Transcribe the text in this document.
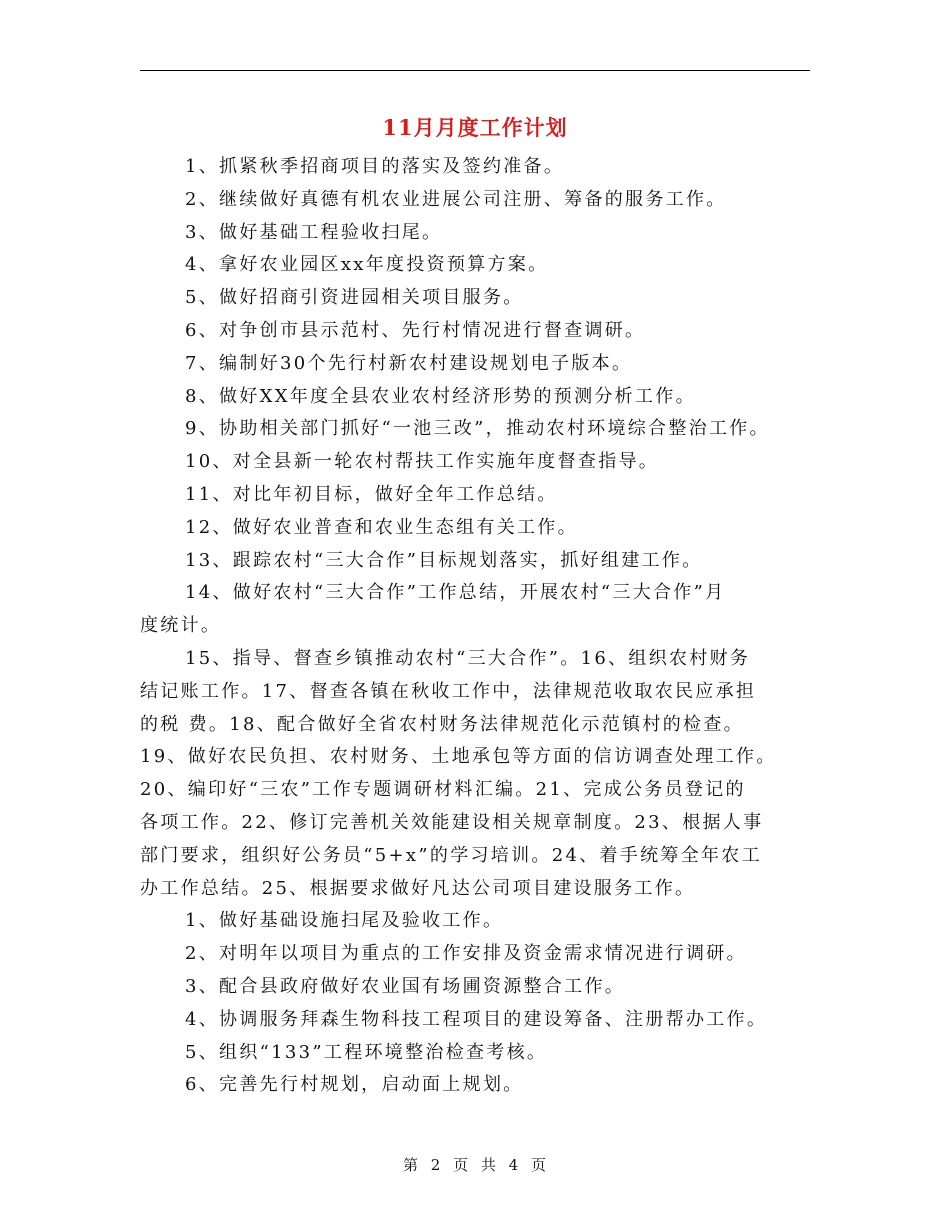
11月月度工作计划
1、抓紧秋季招商项目的落实及签约准备。
2、继续做好真德有机农业进展公司注册、筹备的服务工作。
3、做好基础工程验收扫尾。
4、拿好农业园区xx年度投资预算方案。
5、做好招商引资进园相关项目服务。
6、对争创市县示范村、先行村情况进行督查调研。
7、编制好30个先行村新农村建设规划电子版本。
8、做好XX年度全县农业农村经济形势的预测分析工作。
9、协助相关部门抓好“一池三改”，推动农村环境综合整治工作。
10、对全县新一轮农村帮扶工作实施年度督查指导。
11、对比年初目标，做好全年工作总结。
12、做好农业普查和农业生态组有关工作。
13、跟踪农村“三大合作”目标规划落实，抓好组建工作。
14、做好农村“三大合作”工作总结，开展农村“三大合作”月
度统计。
15、指导、督查乡镇推动农村“三大合作”。16、组织农村财务
结记账工作。17、督查各镇在秋收工作中，法律规范收取农民应承担
的税 费。18、配合做好全省农村财务法律规范化示范镇村的检查。
19、做好农民负担、农村财务、土地承包等方面的信访调查处理工作。
20、编印好“三农”工作专题调研材料汇编。21、完成公务员登记的
各项工作。22、修订完善机关效能建设相关规章制度。23、根据人事
部门要求，组织好公务员“5+x”的学习培训。24、着手统筹全年农工
办工作总结。25、根据要求做好凡达公司项目建设服务工作。
1、做好基础设施扫尾及验收工作。
2、对明年以项目为重点的工作安排及资金需求情况进行调研。
3、配合县政府做好农业国有场圃资源整合工作。
4、协调服务拜森生物科技工程项目的建设筹备、注册帮办工作。
5、组织“133”工程环境整治检查考核。
6、完善先行村规划，启动面上规划。
第 2 页 共 4 页
